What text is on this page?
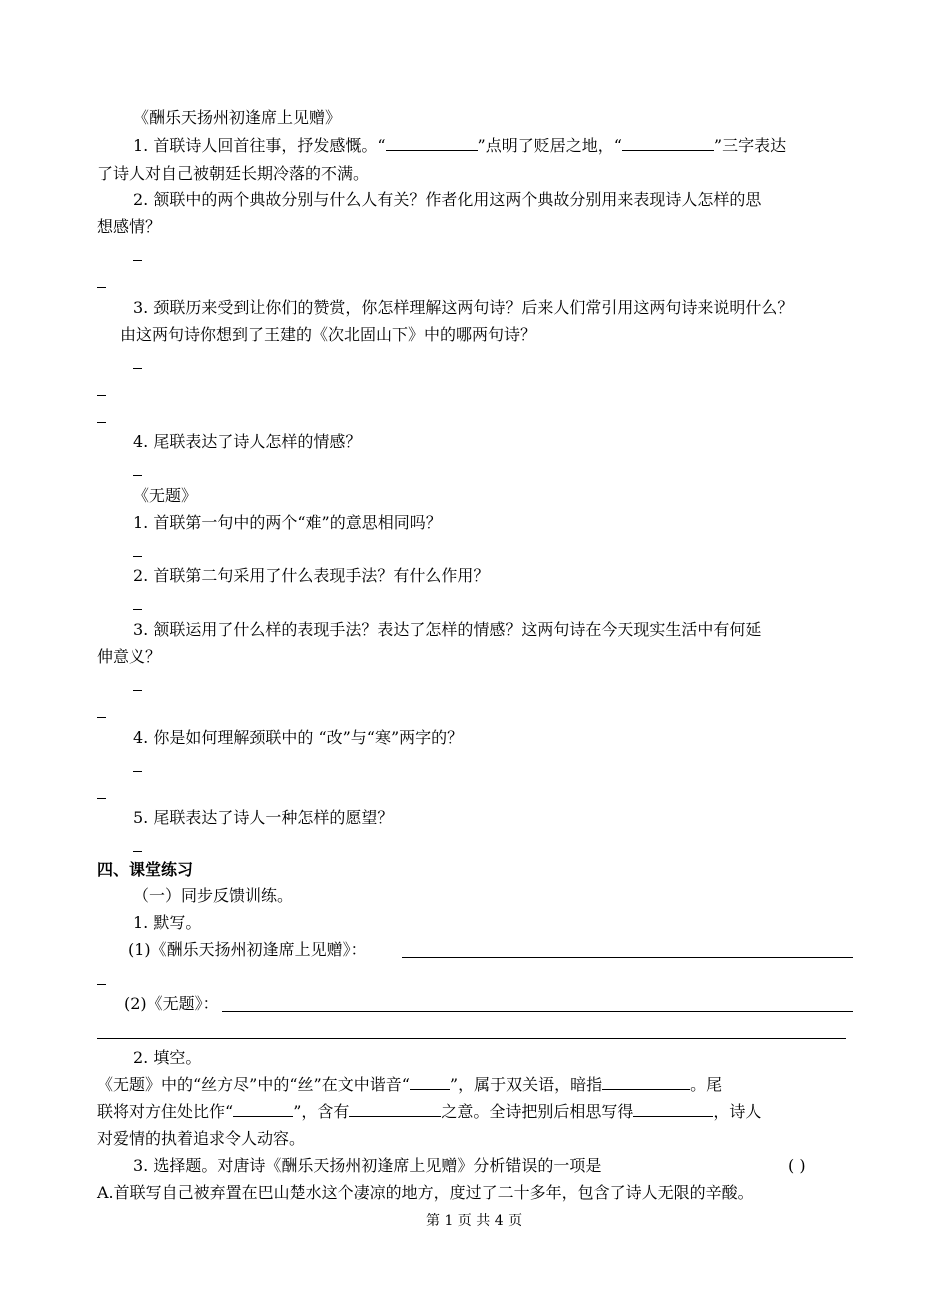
《酬乐天扬州初逢席上见赠》
1. 首联诗人回首往事，抒发感慨。“	”点明了贬居之地，“	”三字表达
了诗人对自己被朝廷长期冷落的不满。
2. 颔联中的两个典故分别与什么人有关？作者化用这两个典故分别用来表现诗人怎样的思
想感情？
3. 颈联历来受到让你们的赞赏，你怎样理解这两句诗？后来人们常引用这两句诗来说明什么？
由这两句诗你想到了王建的《次北固山下》中的哪两句诗？
4. 尾联表达了诗人怎样的情感？
《无题》
1. 首联第一句中的两个“难”的意思相同吗？
2. 首联第二句采用了什么表现手法？有什么作用？
3. 颔联运用了什么样的表现手法？表达了怎样的情感？这两句诗在今天现实生活中有何延
伸意义？
4. 你是如何理解颈联中的 “改”与“寒”两字的？
5. 尾联表达了诗人一种怎样的愿望？
四、课堂练习
（一）同步反馈训练。
1. 默写。
(1)《酬乐天扬州初逢席上见赠》：
(2)《无题》：
2. 填空。
《无题》中的“丝方尽”中的“丝”在文中谐音“	”，属于双关语，暗指	。尾
联将对方住处比作“	”，含有	之意。全诗把别后相思写得	，诗人
对爱情的执着追求令人动容。
3. 选择题。对唐诗《酬乐天扬州初逢席上见赠》分析错误的一项是	( )
A.首联写自己被弃置在巴山楚水这个凄凉的地方，度过了二十多年，包含了诗人无限的辛酸。
第 1 页 共 4 页
